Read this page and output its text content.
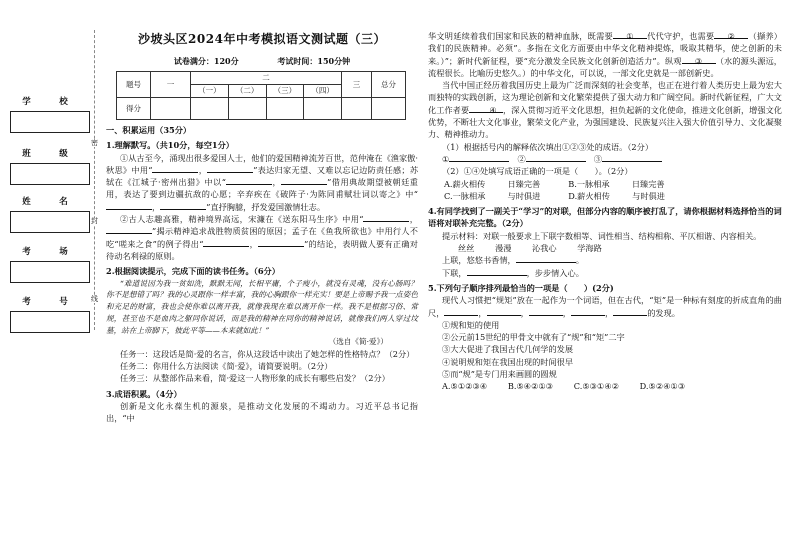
学　校
班　级
姓　名
考　场
考　号
密
封
线
沙坡头区2024年中考模拟语文测试题（三）
试卷满分：120分	考试时间：150分钟
题号	一	二				三	总分
		（一）	（二）	（三）	（四）		
得分							
一、积累运用（35分）
1.理解默写。（共10分，每空1分）

①从古至今，涌现出很多爱国人士，他们的爱国精神流芳百世，范仲淹在《渔家傲·秋思》中用“	，	”表达归家无望、又难以忘记边防责任感；苏轼在《江城子·密州出猎》中以“	，	”借用典故期望被朝廷重用，表达了要到边疆抗敌的心愿；辛弃疾在《破阵子·为陈同甫赋壮词以寄之》中“，	”直抒胸臆，抒发爱国激情壮志。

②古人志趣高雅，精神境界高远，宋濂在《送东阳马生序》中用“	，”揭示精神追求战胜物质贫困的原因；孟子在《鱼我所欲也》中用行人不吃“嗟来之食”的例子得出“	，	”的结论，表明做人要有正确对待动名利禄的原则。

2.根据阅读提示，完成下面的读书任务。（6分）

“难道说因为我一贫如洗，默默无闻，长相平庸，个子瘦小，就没有灵魂，没有心肠吗？你不是想错了吗？我的心灵跟你一样丰富，我的心胸跟你一样充实！要是上帝赐予我一点姿色和充足的财富，我也会使你难以离开我，就像我现在难以离开你一样。我不是根据习俗、常规，甚至也不是血肉之躯同你说话，而是我的精神在同你的精神说话，就像我们两人穿过坟墓，站在上帝脚下，彼此平等——本来就如此！”

（选自《简·爱》）
任务一：这段话是简·爱的名言，你从这段话中读出了她怎样的性格特点？（2分）
任务二：你用什么方法阅读《简·爱》，请简要说明。（2分）
任务三：从整部作品来看，简·爱这一人物形象的成长有哪些启发？（2分）
3.成语积累。（4分）

创新是文化永葆生机的源泉，是推动文化发展的不竭动力。习近平总书记指出，“中

华文明延续着我们国家和民族的精神血脉，既需要 ① 代代守护，也需要 ② （撷养）我们的民族精神。必须”。多指在文化方面要由中华文化精神提炼，吸取其精华，使之创新的未来。）”；新时代新征程，要“充分激发全民族文化创新创造活力”。纵观 ③ （水的源头源远，流程很长。比喻历史悠久。）的中华文化，可以说，一部文化史就是一部创新史。

当代中国正经历着我国历史上最为广泛而深刻的社会变革，也正在进行着人类历史上最为宏大而独特的实践创新，这为理论创新和文化繁荣提供了强大动力和广阔空间。新时代新征程，广大文化工作者要 ④ ，深入贯彻习近平文化思想，担负起新的文化使命，推进文化创新，增强文化优势，不断壮大文化事业，繁荣文化产业，为强国建设、民族复兴注入强大价值引导力、文化凝聚力、精神推动力。

（1）根据括号内的解释依次填出①②③处的成语。（2分）
①	　②	　③
（2）①④处填写成语正确的一项是（　　）。（2分）
A.薪火相传　	日臻完善	B.一脉相承　	日臻完善
C.一脉相承　	与时俱进	D.薪火相传　	与时俱进
4.有同学找到了一副关于“学习”的对联，但部分内容的顺序被打乱了，请你根据材料选择恰当的词语将对联补充完整。（2分）
提示材料：对联一般要求上下联字数相等、词性相当、结构相称、平仄相谐、内容相关。
丝丝	漫漫	沁我心	学海路
上联，悠悠书香情，	。
下联，	，步步情入心。
5.下列句子顺序排列最恰当的一项是（　　）(2分)

现代人习惯把“规矩”放在一起作为一个词语，但在古代，“矩”是一种标有刻度的折成直角的曲尺，	，	，	，	，	的发现。

①规和矩的使用
②公元前15世纪的甲骨文中就有了“规”和“矩”二字
③大大促进了我国古代几何学的发展
④说明规和矩在我国出现的时间很早
⑤而“规”是专门用来画圆的圆规
A.⑤①②③④	B.⑤④②①③	C.⑤③①④②	D.⑤②④①③
